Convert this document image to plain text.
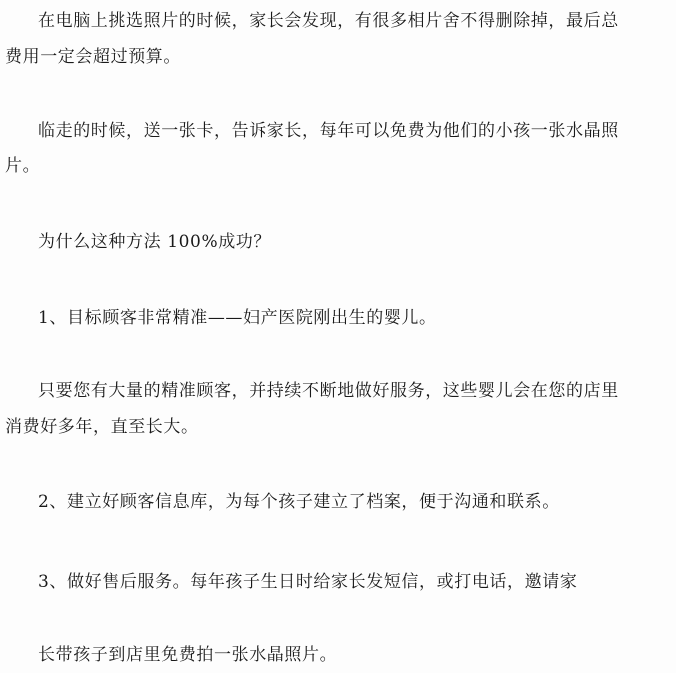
在电脑上挑选照片的时候，家长会发现，有很多相片舍不得删除掉，最后总
费用一定会超过预算。
临走的时候，送一张卡，告诉家长，每年可以免费为他们的小孩一张水晶照
片。
为什么这种方法 100%成功？
1、目标顾客非常精准——妇产医院刚出生的婴儿。
只要您有大量的精准顾客，并持续不断地做好服务，这些婴儿会在您的店里
消费好多年，直至长大。
2、建立好顾客信息库，为每个孩子建立了档案，便于沟通和联系。
3、做好售后服务。每年孩子生日时给家长发短信，或打电话，邀请家
长带孩子到店里免费拍一张水晶照片。
